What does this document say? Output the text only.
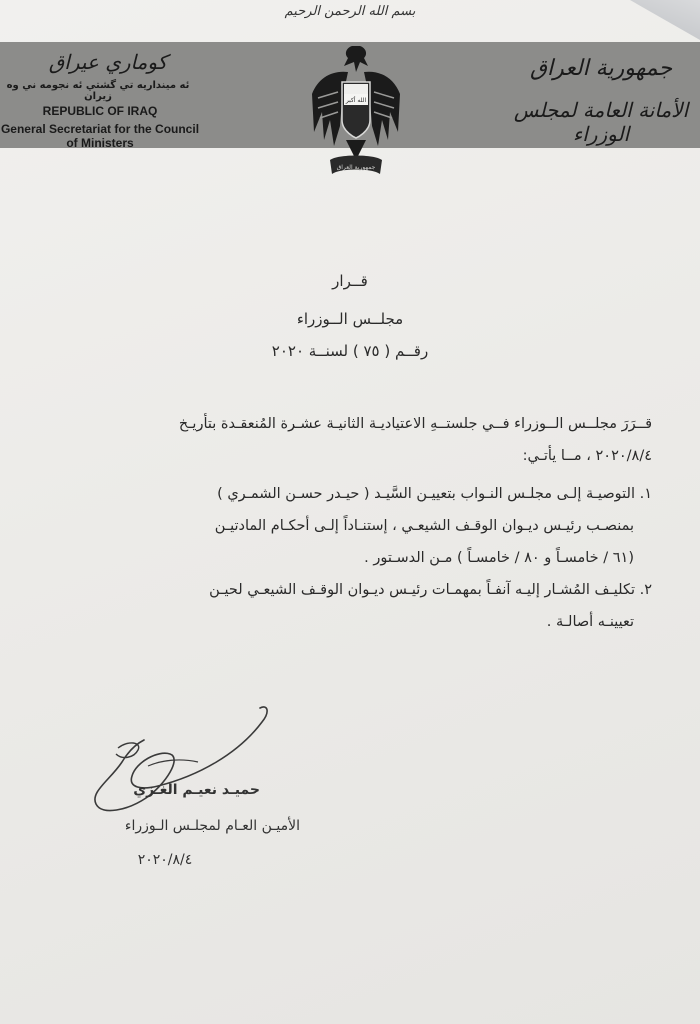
بسم الله الرحمن الرحيم
كوماري عيراق
ئه مينداريه تي گشتي ئه نجومه ني وه زيران
REPUBLIC OF IRAQ
General Secretariat for the Council of Ministers
الله أكبر
جمهورية العراق
جمهورية العراق
الأمانة العامة لمجلس الوزراء
قــرار
مجلــس الــوزراء
رقــم ( ٧٥ ) لسنــة ٢٠٢٠
قــرَرَ مجلــس الــوزراء فــي جلستــهِ الاعتياديـة الثانيـة عشـرة المُنعقـدة بتأريـخ
٢٠٢٠/٨/٤ ، مــا يأتـي:
١. التوصيـة إلـى مجلـس النـواب بتعييـن السَّيـد ( حيـدر حسـن الشمـري )
بمنصـب رئيـس ديـوان الوقـف الشيعـي ، إستنـاداً إلـى أحكـام المادتيـن
(٦١ / خامسـاً و ٨٠ / خامسـاً ) مـن الدسـتور .
٢. تكليـف المُشـار إليـه آنفـاً بمهمـات رئيـس ديـوان الوقـف الشيعـي لحيـن
تعيينـه أصالـة .
حميـد نعيـم الغـزي
الأميـن العـام لمجلـس الـوزراء
٢٠٢٠/٨/٤
